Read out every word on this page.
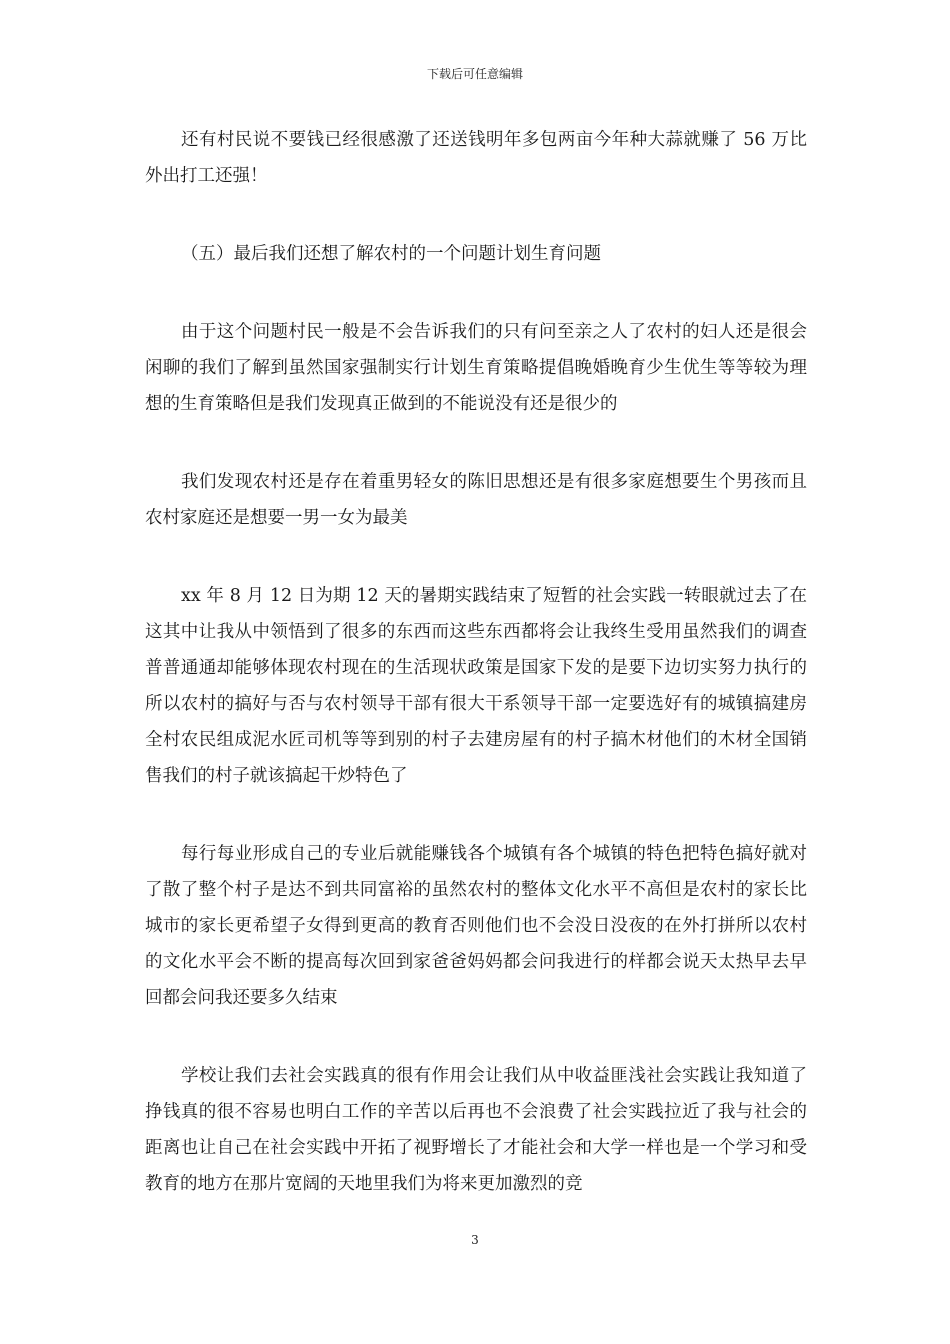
下载后可任意编辑

还有村民说不要钱已经很感激了还送钱明年多包两亩今年种大蒜就赚了 56 万比外出打工还强！

（五）最后我们还想了解农村的一个问题计划生育问题

由于这个问题村民一般是不会告诉我们的只有问至亲之人了农村的妇人还是很会闲聊的我们了解到虽然国家强制实行计划生育策略提倡晚婚晚育少生优生等等较为理想的生育策略但是我们发现真正做到的不能说没有还是很少的

我们发现农村还是存在着重男轻女的陈旧思想还是有很多家庭想要生个男孩而且农村家庭还是想要一男一女为最美

xx 年 8 月 12 日为期 12 天的暑期实践结束了短暂的社会实践一转眼就过去了在这其中让我从中领悟到了很多的东西而这些东西都将会让我终生受用虽然我们的调查普普通通却能够体现农村现在的生活现状政策是国家下发的是要下边切实努力执行的所以农村的搞好与否与农村领导干部有很大干系领导干部一定要选好有的城镇搞建房全村农民组成泥水匠司机等等到别的村子去建房屋有的村子搞木材他们的木材全国销售我们的村子就该搞起干炒特色了

每行每业形成自己的专业后就能赚钱各个城镇有各个城镇的特色把特色搞好就对了散了整个村子是达不到共同富裕的虽然农村的整体文化水平不高但是农村的家长比城市的家长更希望子女得到更高的教育否则他们也不会没日没夜的在外打拼所以农村的文化水平会不断的提高每次回到家爸爸妈妈都会问我进行的样都会说天太热早去早回都会问我还要多久结束

学校让我们去社会实践真的很有作用会让我们从中收益匪浅社会实践让我知道了挣钱真的很不容易也明白工作的辛苦以后再也不会浪费了社会实践拉近了我与社会的距离也让自己在社会实践中开拓了视野增长了才能社会和大学一样也是一个学习和受教育的地方在那片宽阔的天地里我们为将来更加激烈的竞

3
